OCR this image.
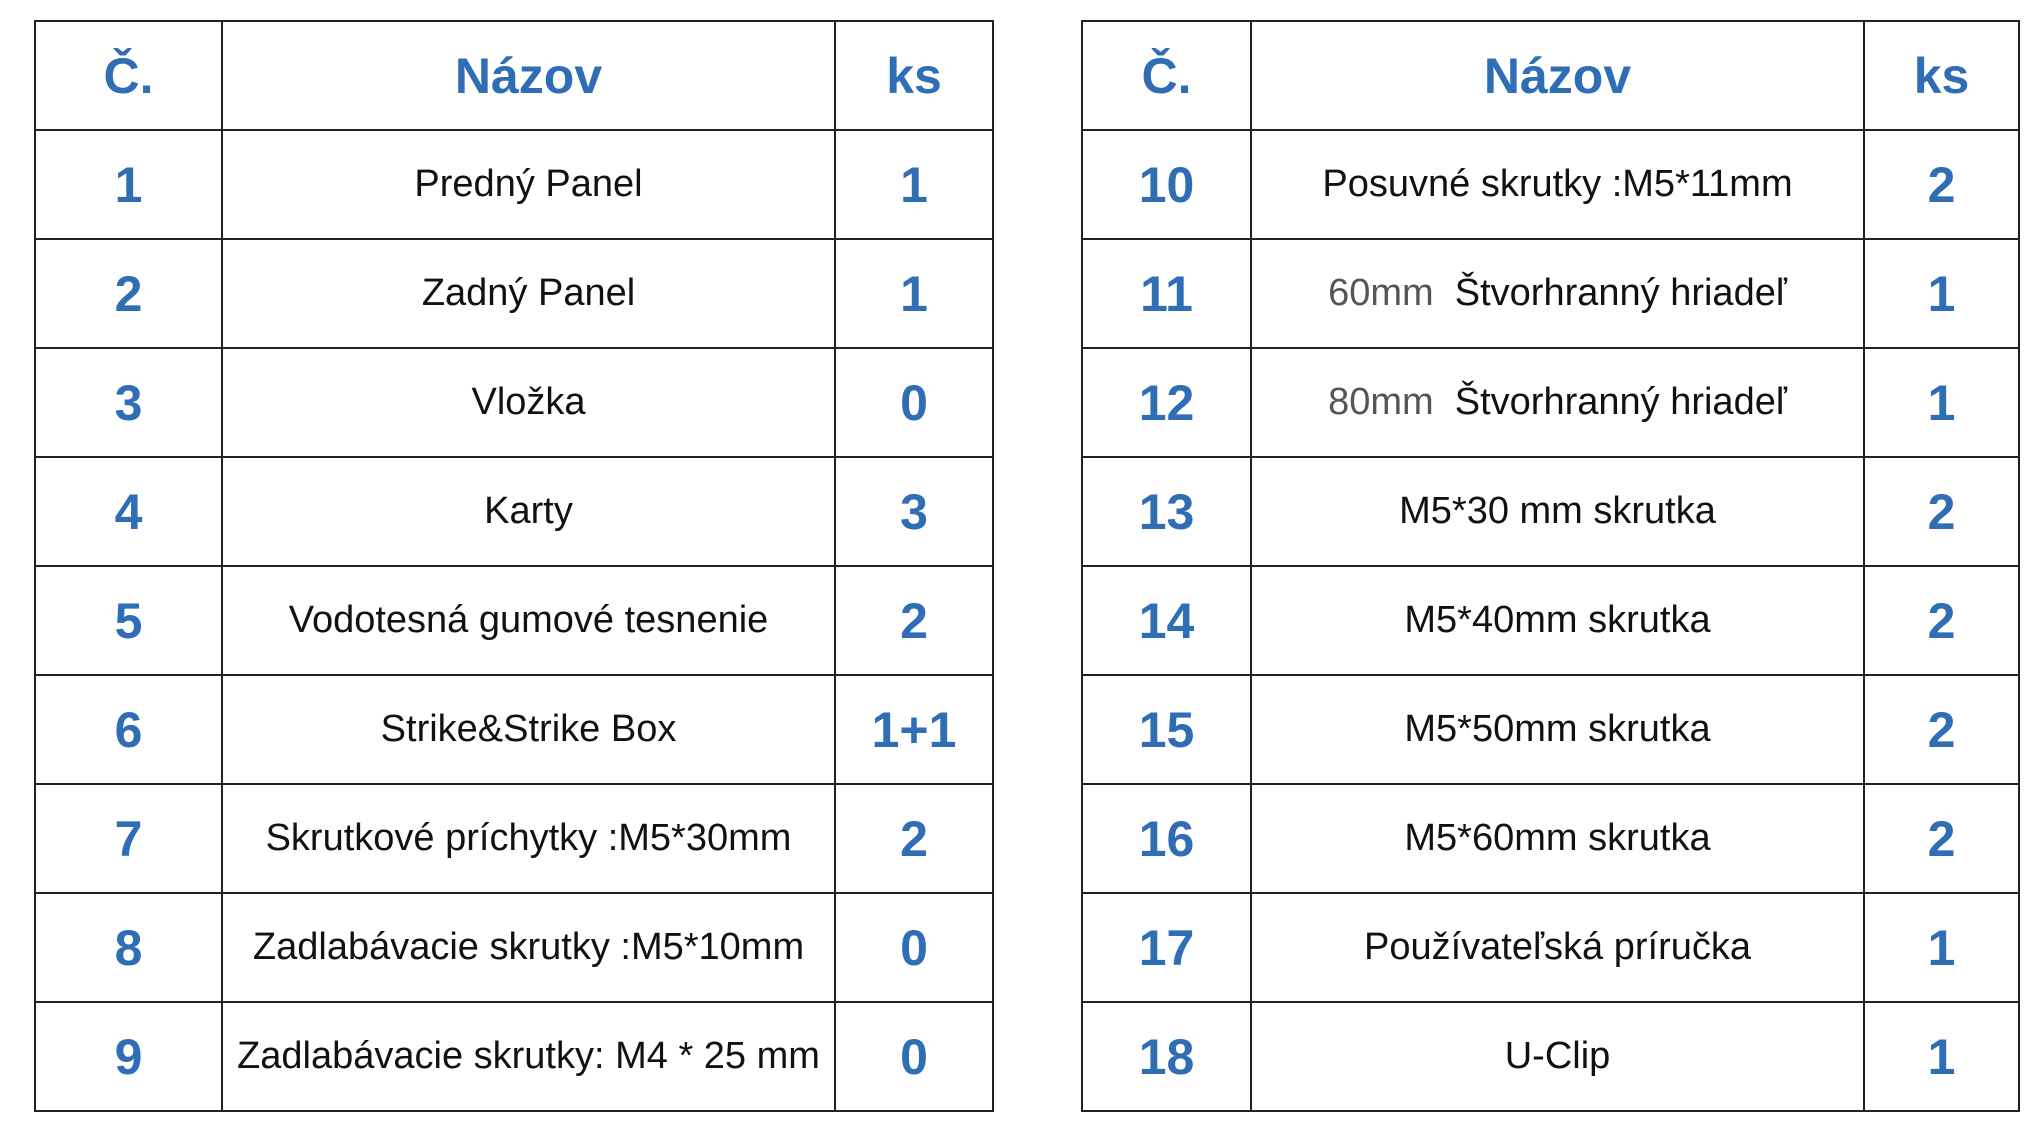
Č.	Názov	ks
1	Predný Panel	1
2	Zadný Panel	1
3	Vložka	0
4	Karty	3
5	Vodotesná gumové tesnenie	2
6	Strike&Strike Box	1+1
7	Skrutkové príchytky :M5*30mm	2
8	Zadlabávacie skrutky :M5*10mm	0
9	Zadlabávacie skrutky: M4 * 25 mm	0
Č.	Názov	ks
10	Posuvné skrutky :M5*11mm	2
11	60mm Štvorhranný hriadeľ	1
12	80mm Štvorhranný hriadeľ	1
13	M5*30 mm skrutka	2
14	M5*40mm skrutka	2
15	M5*50mm skrutka	2
16	M5*60mm skrutka	2
17	Používateľská príručka	1
18	U-Clip	1
